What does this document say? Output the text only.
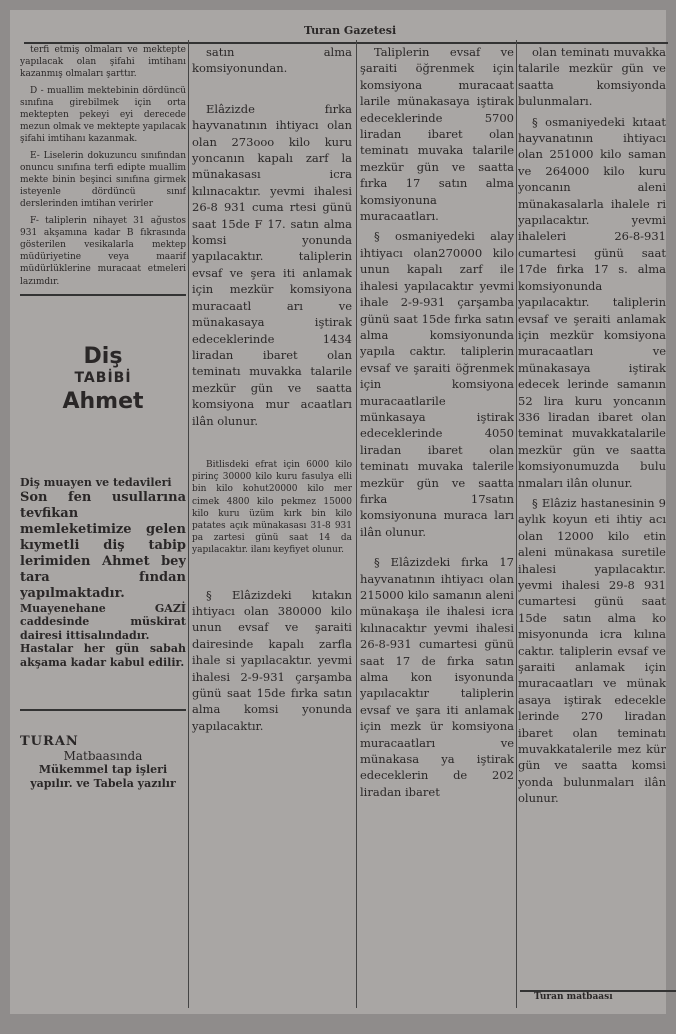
Turan Gazetesi

terfi etmiş olmaları ve mektepte yapılacak olan şifahi imtihanı kazanmış olmaları şarttır.

D - muallim mektebinin dördüncü sınıfına girebilmek için orta mektepten pekeyi eyi derecede mezun olmak ve mektepte yapılacak şifahi imtihanı kazanmak.

E- Liselerin dokuzuncu sınıfından onuncu sınıfına terfi edipte muallim mekte binin beşinci sınıfına girmek isteyenle dördüncü sınıf derslerinden imtihan verirler

F- taliplerin nihayet 31 ağustos 931 akşamına kadar B fıkrasında gösterilen vesikalarla mektep müdüriyetine veya maarif müdürlüklerine muracaat etmeleri lazımdır.

Diş
TABİBİ
Ahmet

Diş muayen ve tedavileri

Son fen usullarına tevfikan memleketimize gelen kıymetli diş tabip lerimiden Ahmet bey tara fından yapılmaktadır.

Muayenehane GAZİ caddesinde müskirat dairesi ittisalındadır.

Hastalar her gün sabah akşama kadar kabul edilir.

TURAN
Matbaasında
Mükemmel tap işleri yapılır. ve Tabela yazılır

satın alma komsiyonundan.

Elâzizde fırka hayvanatının ihtiyacı olan olan 273ooo kilo kuru yoncanın kapalı zarf la münakasası icra kılınacaktır. yevmi ihalesi 26-8 931 cuma rtesi günü saat 15de F 17. satın alma komsi yonunda yapılacaktır. taliplerin evsaf ve şera iti anlamak için mezkür komsiyona muracaatl arı ve münakasaya iştirak edeceklerinde 1434 liradan ibaret olan teminatı muvakka talarile mezkür gün ve saatta komsiyona mur acaatları ilân olunur.

Bitlisdeki efrat için 6000 kilo pirinç 30000 kilo kuru fasulya elli bin kilo kohut20000 kilo mer cimek 4800 kilo pekmez 15000 kilo kuru üzüm kırk bin kilo patates açık münakasası 31-8 931 pa zartesi günü saat 14 da yapılacaktır. ilanı keyfiyet olunur.

§ Elâzizdeki kıtakın ihtiyacı olan 380000 kilo unun evsaf ve şaraiti dairesinde kapalı zarfla ihale si yapılacaktır. yevmi ihalesi 2-9-931 çarşamba günü saat 15de fırka satın alma komsi yonunda yapılacaktır.

Taliplerin evsaf ve şaraiti öğrenmek için komsiyona muracaat larile münakasaya iştirak edeceklerinde 5700 liradan ibaret olan teminatı muvaka talarile mezkür gün ve saatta fırka 17 satın alma komsiyonuna muracaatları.

§ osmaniyedeki alay ihtiyacı olan270000 kilo unun kapalı zarf ile ihalesi yapılacaktır yevmi ihale 2-9-931 çarşamba günü saat 15de fırka satın alma komsiyonunda yapıla caktır. taliplerin evsaf ve şaraiti öğrenmek için komsiyona muracaatlarile münkasaya iştirak edeceklerinde 4050 liradan ibaret olan teminatı muvaka talerile mezkür gün ve saatta fırka 17satın komsiyonuna muraca ları ilân olunur.

§ Elâzizdeki fırka 17 hayvanatının ihtiyacı olan 215000 kilo samanın aleni münakaşa ile ihalesi icra kılınacaktır yevmi ihalesi 26-8-931 cumartesi günü saat 17 de fırka satın alma kon isyonunda yapılacaktır taliplerin evsaf ve şara iti anlamak için mezk ür komsiyona muracaatları ve münakasa ya iştirak edeceklerin de 202 liradan ibaret

olan teminatı muvakka talarile mezkür gün ve saatta komsiyonda bulunmaları.

§ osmaniyedeki kıtaat hayvanatının ihtiyacı olan 251000 kilo saman ve 264000 kilo kuru yoncanın aleni münakasalarla ihalele ri yapılacaktır. yevmi ihaleleri 26-8-931 cumartesi günü saat 17de fırka 17 s. alma komsiyonunda yapılacaktır. taliplerin evsaf ve şeraiti anlamak için mezkür komsiyona muracaatları ve münakasaya iştirak edecek lerinde samanın 52 lira kuru yoncanın 336 liradan ibaret olan teminat muvakkatalarile mezkür gün ve saatta komsiyonumuzda bulu nmaları ilân olunur.

§ Elâziz hastanesinin 9 aylık koyun eti ihtiy acı olan 12000 kilo etin aleni münakasa suretile ihalesi yapılacaktır. yevmi ihalesi 29-8 931 cumartesi günü saat 15de satın alma ko misyonunda icra kılına caktır. taliplerin evsaf ve şaraiti anlamak için muracaatları ve münak asaya iştirak edecekle lerinde 270 liradan ibaret olan teminatı muvakkatalerile mez kür gün ve saatta komsi yonda bulunmaları ilân olunur.

Turan matbaası
